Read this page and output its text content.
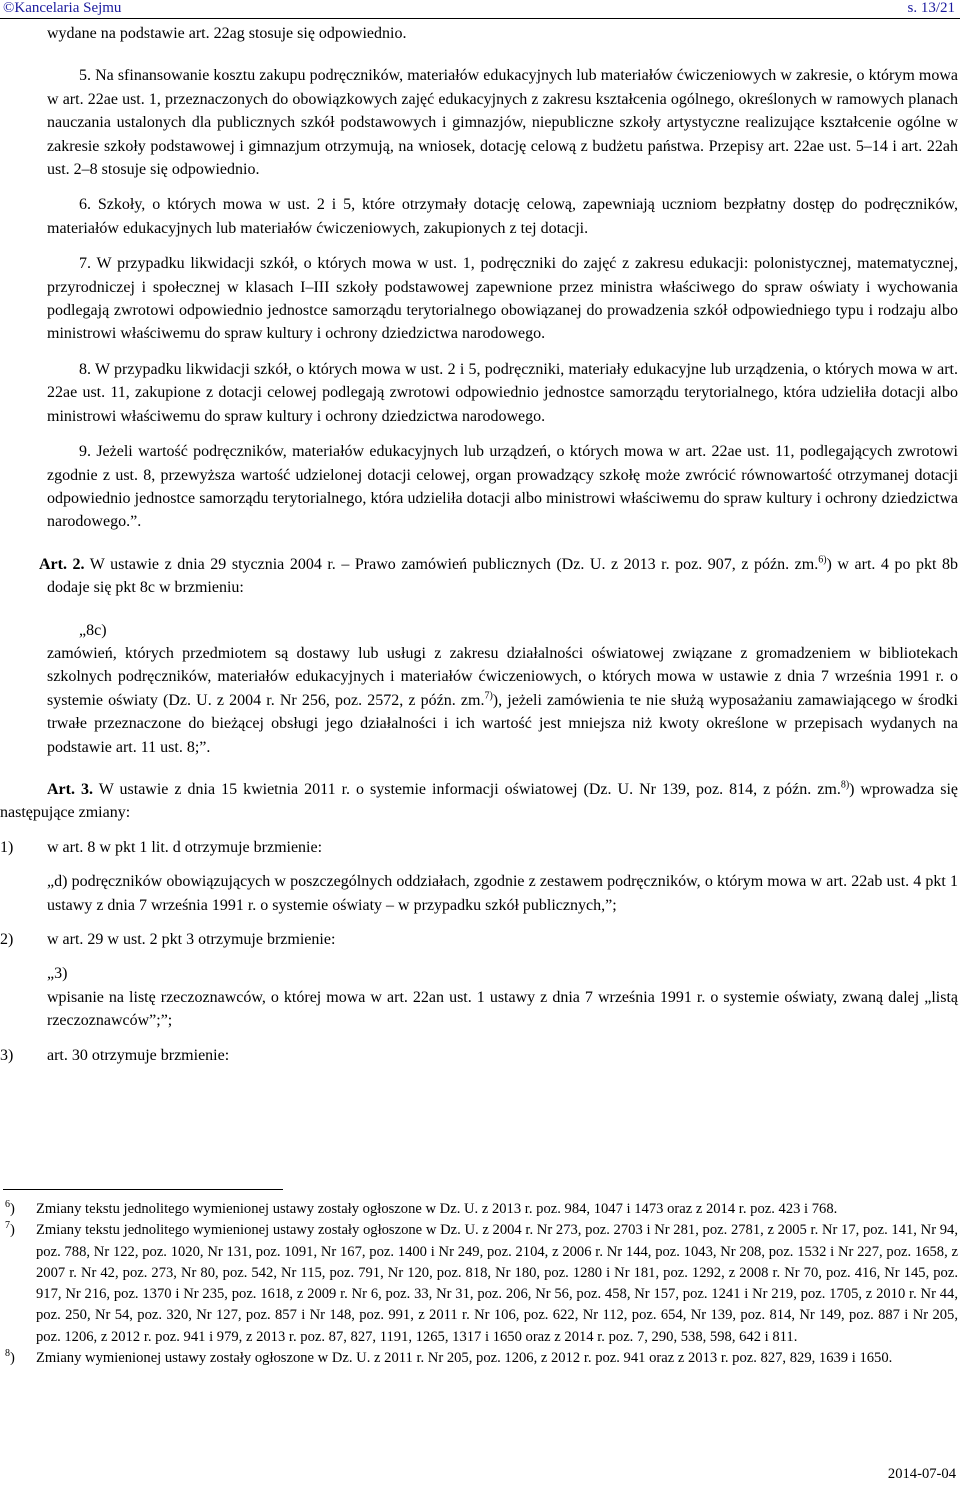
©Kancelaria Sejmu	s. 13/21

wydane na podstawie art. 22ag stosuje się odpowiednio.

5. Na sfinansowanie kosztu zakupu podręczników, materiałów edukacyjnych lub materiałów ćwiczeniowych w zakresie, o którym mowa w art. 22ae ust. 1, przeznaczonych do obowiązkowych zajęć edukacyjnych z zakresu kształcenia ogólnego, określonych w ramowych planach nauczania ustalonych dla publicznych szkół podstawowych i gimnazjów, niepubliczne szkoły artystyczne realizujące kształcenie ogólne w zakresie szkoły podstawowej i gimnazjum otrzymują, na wniosek, dotację celową z budżetu państwa. Przepisy art. 22ae ust. 5–14 i art. 22ah ust. 2–8 stosuje się odpowiednio.

6. Szkoły, o których mowa w ust. 2 i 5, które otrzymały dotację celową, zapewniają uczniom bezpłatny dostęp do podręczników, materiałów edukacyjnych lub materiałów ćwiczeniowych, zakupionych z tej dotacji.

7. W przypadku likwidacji szkół, o których mowa w ust. 1, podręczniki do zajęć z zakresu edukacji: polonistycznej, matematycznej, przyrodniczej i społecznej w klasach I–III szkoły podstawowej zapewnione przez ministra właściwego do spraw oświaty i wychowania podlegają zwrotowi odpowiednio jednostce samorządu terytorialnego obowiązanej do prowadzenia szkół odpowiedniego typu i rodzaju albo ministrowi właściwemu do spraw kultury i ochrony dziedzictwa narodowego.

8. W przypadku likwidacji szkół, o których mowa w ust. 2 i 5, podręczniki, materiały edukacyjne lub urządzenia, o których mowa w art. 22ae ust. 11, zakupione z dotacji celowej podlegają zwrotowi odpowiednio jednostce samorządu terytorialnego, która udzieliła dotacji albo ministrowi właściwemu do spraw kultury i ochrony dziedzictwa narodowego.

9. Jeżeli wartość podręczników, materiałów edukacyjnych lub urządzeń, o których mowa w art. 22ae ust. 11, podlegających zwrotowi zgodnie z ust. 8, przewyższa wartość udzielonej dotacji celowej, organ prowadzący szkołę może zwrócić równowartość otrzymanej dotacji odpowiednio jednostce samorządu terytorialnego, która udzieliła dotacji albo ministrowi właściwemu do spraw kultury i ochrony dziedzictwa narodowego.”.

Art. 2. W ustawie z dnia 29 stycznia 2004 r. – Prawo zamówień publicznych (Dz. U. z 2013 r. poz. 907, z późn. zm.$^{6)}$) w art. 4 po pkt 8b dodaje się pkt 8c w brzmieniu:

„8c)

zamówień, których przedmiotem są dostawy lub usługi z zakresu działalności oświatowej związane z gromadzeniem w bibliotekach szkolnych podręczników, materiałów edukacyjnych i materiałów ćwiczeniowych, o których mowa w ustawie z dnia 7 września 1991 r. o systemie oświaty (Dz. U. z 2004 r. Nr 256, poz. 2572, z późn. zm.$^{7)}$), jeżeli zamówienia te nie służą wyposażaniu zamawiającego w środki trwałe przeznaczone do bieżącej obsługi jego działalności i ich wartość jest mniejsza niż kwoty określone w przepisach wydanych na podstawie art. 11 ust. 8;”.

Art. 3. W ustawie z dnia 15 kwietnia 2011 r. o systemie informacji oświatowej (Dz. U. Nr 139, poz. 814, z późn. zm.$^{8)}$) wprowadza się następujące zmiany:

1)	w art. 8 w pkt 1 lit. d otrzymuje brzmienie:

„d) podręczników obowiązujących w poszczególnych oddziałach, zgodnie z zestawem podręczników, o którym mowa w art. 22ab ust. 4 pkt 1 ustawy z dnia 7 września 1991 r. o systemie oświaty – w przypadku szkół publicznych,”;

2)	w art. 29 w ust. 2 pkt 3 otrzymuje brzmienie:

„3)

wpisanie na listę rzeczoznawców, o której mowa w art. 22an ust. 1 ustawy z dnia 7 września 1991 r. o systemie oświaty, zwaną dalej „listą rzeczoznawców”;”;

3)	art. 30 otrzymuje brzmienie:

$^6$)	Zmiany tekstu jednolitego wymienionej ustawy zostały ogłoszone w Dz. U. z 2013 r. poz. 984, 1047 i 1473 oraz z 2014 r. poz. 423 i 768.
$^7$)	Zmiany tekstu jednolitego wymienionej ustawy zostały ogłoszone w Dz. U. z 2004 r. Nr 273, poz. 2703 i Nr 281, poz. 2781, z 2005 r. Nr 17, poz. 141, Nr 94, poz. 788, Nr 122, poz. 1020, Nr 131, poz. 1091, Nr 167, poz. 1400 i Nr 249, poz. 2104, z 2006 r. Nr 144, poz. 1043, Nr 208, poz. 1532 i Nr 227, poz. 1658, z 2007 r. Nr 42, poz. 273, Nr 80, poz. 542, Nr 115, poz. 791, Nr 120, poz. 818, Nr 180, poz. 1280 i Nr 181, poz. 1292, z 2008 r. Nr 70, poz. 416, Nr 145, poz. 917, Nr 216, poz. 1370 i Nr 235, poz. 1618, z 2009 r. Nr 6, poz. 33, Nr 31, poz. 206, Nr 56, poz. 458, Nr 157, poz. 1241 i Nr 219, poz. 1705, z 2010 r. Nr 44, poz. 250, Nr 54, poz. 320, Nr 127, poz. 857 i Nr 148, poz. 991, z 2011 r. Nr 106, poz. 622, Nr 112, poz. 654, Nr 139, poz. 814, Nr 149, poz. 887 i Nr 205, poz. 1206, z 2012 r. poz. 941 i 979, z 2013 r. poz. 87, 827, 1191, 1265, 1317 i 1650 oraz z 2014 r. poz. 7, 290, 538, 598, 642 i 811.
$^8$)	Zmiany wymienionej ustawy zostały ogłoszone w Dz. U. z 2011 r. Nr 205, poz. 1206, z 2012 r. poz. 941 oraz z 2013 r. poz. 827, 829, 1639 i 1650.
2014-07-04
